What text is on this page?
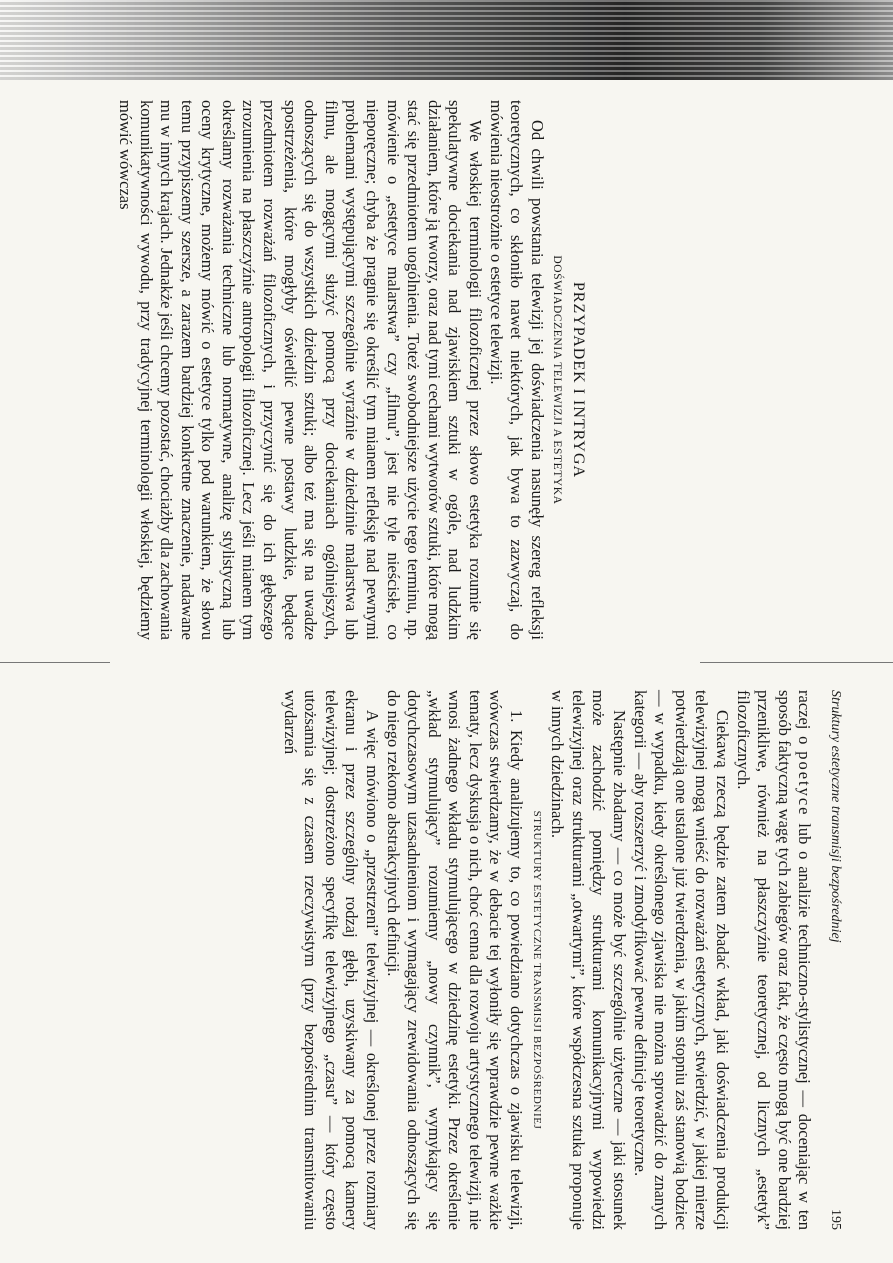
PRZYPADEK I INTRYGA

DOŚWIADCZENIA TELEWIZJI A ESTETYKA

Od chwili powstania telewizji jej doświadczenia nasunęły szereg refleksji teoretycznych, co skłoniło nawet niektórych, jak bywa to zazwyczaj, do mówienia nieostrożnie o estetyce telewizji.

We włoskiej terminologii filozoficznej przez słowo estetyka rozumie się spekulatywne dociekania nad zjawiskiem sztuki w ogóle, nad ludzkim działaniem, które ją tworzy, oraz nad tymi cechami wytworów sztuki, które mogą stać się przedmiotem uogólnienia. Toteż swobodniejsze użycie tego terminu, np. mówienie o „estetyce malarstwa” czy „filmu”, jest nie tyle nieścisłe, co nieporęczne; chyba że pragnie się określić tym mianem refleksję nad pewnymi problemami występującymi szczególnie wyraźnie w dziedzinie malarstwa lub filmu, ale mogącymi służyć pomocą przy dociekaniach ogólniejszych, odnoszących się do wszystkich dziedzin sztuki; albo też ma się na uwadze spostrzeżenia, które mogłyby oświetlić pewne postawy ludzkie, będące przedmiotem rozważań filozoficznych, i przyczynić się do ich głębszego zrozumienia na płaszczyźnie antropologii filozoficznej. Lecz jeśli mianem tym określamy rozważania techniczne lub normatywne, analizę stylistyczną lub oceny krytyczne, możemy mówić o estetyce tylko pod warunkiem, że słowu temu przypiszemy szersze, a zarazem bardziej konkretne znaczenie, nadawane mu w innych krajach. Jednakże jeśli chcemy pozostać, chociażby dla zachowania komunikatywności wywodu, przy tradycyjnej terminologii włoskiej, będziemy mówić wówczas

Struktury estetyczne transmisji bezpośredniej
195

raczej o poetyce lub o analizie techniczno-stylistycznej — doceniając w ten sposób faktyczną wagę tych zabiegów oraz fakt, że często mogą być one bardziej przenikliwe, również na płaszczyźnie teoretycznej, od licznych „estetyk” filozoficznych.

Ciekawą rzeczą będzie zatem zbadać wkład, jaki doświadczenia produkcji telewizyjnej mogą wnieść do rozważań estetycznych, stwierdzić, w jakiej mierze potwierdzają one ustalone już twierdzenia, w jakim stopniu zaś stanowią bodziec — w wypadku, kiedy określonego zjawiska nie można sprowadzić do znanych kategorii — aby rozszerzyć i zmodyfikować pewne definicje teoretyczne.

Następnie zbadamy — co może być szczególnie użyteczne — jaki stosunek może zachodzić pomiędzy strukturami komunikacyjnymi wypowiedzi telewizyjnej oraz strukturami „otwartymi”, które współczesna sztuka proponuje w innych dziedzinach.

STRUKTURY ESTETYCZNE TRANSMISJI BEZPOŚREDNIEJ

1. Kiedy analizujemy to, co powiedziano dotychczas o zjawisku telewizji, wówczas stwierdzamy, że w debacie tej wyłoniły się wprawdzie pewne ważkie tematy, lecz dyskusja o nich, choć cenna dla rozwoju artystycznego telewizji, nie wnosi żadnego wkładu stymulującego w dziedzinę estetyki. Przez określenie „wkład stymulujący” rozumiemy „nowy czynnik”, wymykający się dotychczasowym uzasadnieniom i wymagający zrewidowania odnoszących się do niego rzekomo abstrakcyjnych definicji.

A więc mówiono o „przestrzeni” telewizyjnej — określonej przez rozmiary ekranu i przez szczególny rodzaj głębi, uzyskiwany za pomocą kamery telewizyjnej; dostrzeżono specyfikę telewizyjnego „czasu” — który często utożsamia się z czasem rzeczywistym (przy bezpośrednim transmitowaniu wydarzeń
